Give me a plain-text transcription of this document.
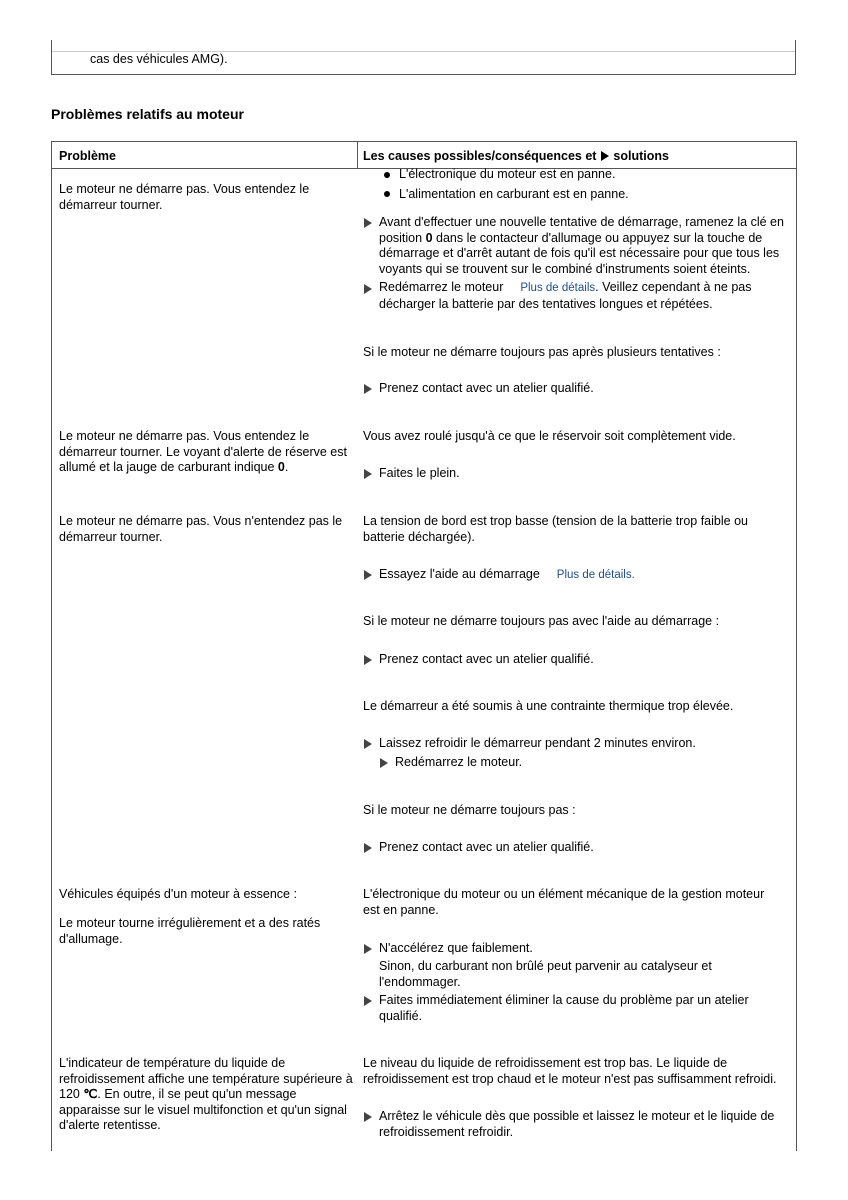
cas des véhicules AMG).
Problèmes relatifs au moteur
Problème	Les causes possibles/conséquences et solutions
Le moteur ne démarre pas. Vous entendez le démarreur tourner.
L'électronique du moteur est en panne.
L'alimentation en carburant est en panne.
Avant d'effectuer une nouvelle tentative de démarrage, ramenez la clé en position 0 dans le contacteur d'allumage ou appuyez sur la touche de démarrage et d'arrêt autant de fois qu'il est nécessaire pour que tous les voyants qui se trouvent sur le combiné d'instruments soient éteints.
Redémarrez le moteur Plus de détails. Veillez cependant à ne pas décharger la batterie par des tentatives longues et répétées.
Si le moteur ne démarre toujours pas après plusieurs tentatives :
Prenez contact avec un atelier qualifié.
Le moteur ne démarre pas. Vous entendez le démarreur tourner. Le voyant d'alerte de réserve est allumé et la jauge de carburant indique 0.
Vous avez roulé jusqu'à ce que le réservoir soit complètement vide.
Faites le plein.
Le moteur ne démarre pas. Vous n'entendez pas le démarreur tourner.
La tension de bord est trop basse (tension de la batterie trop faible ou batterie déchargée).
Essayez l'aide au démarrage Plus de détails.
Si le moteur ne démarre toujours pas avec l'aide au démarrage :
Prenez contact avec un atelier qualifié.
Le démarreur a été soumis à une contrainte thermique trop élevée.
Laissez refroidir le démarreur pendant 2 minutes environ.
Redémarrez le moteur.
Si le moteur ne démarre toujours pas :
Prenez contact avec un atelier qualifié.
Véhicules équipés d'un moteur à essence :
Le moteur tourne irrégulièrement et a des ratés d'allumage.
L'électronique du moteur ou un élément mécanique de la gestion moteur est en panne.
N'accélérez que faiblement.
Sinon, du carburant non brûlé peut parvenir au catalyseur et l'endommager.
Faites immédiatement éliminer la cause du problème par un atelier qualifié.
L'indicateur de température du liquide de refroidissement affiche une température supérieure à 120 ℃. En outre, il se peut qu'un message apparaisse sur le visuel multifonction et qu'un signal d'alerte retentisse.
Le niveau du liquide de refroidissement est trop bas. Le liquide de refroidissement est trop chaud et le moteur n'est pas suffisamment refroidi.
Arrêtez le véhicule dès que possible et laissez le moteur et le liquide de refroidissement refroidir.
